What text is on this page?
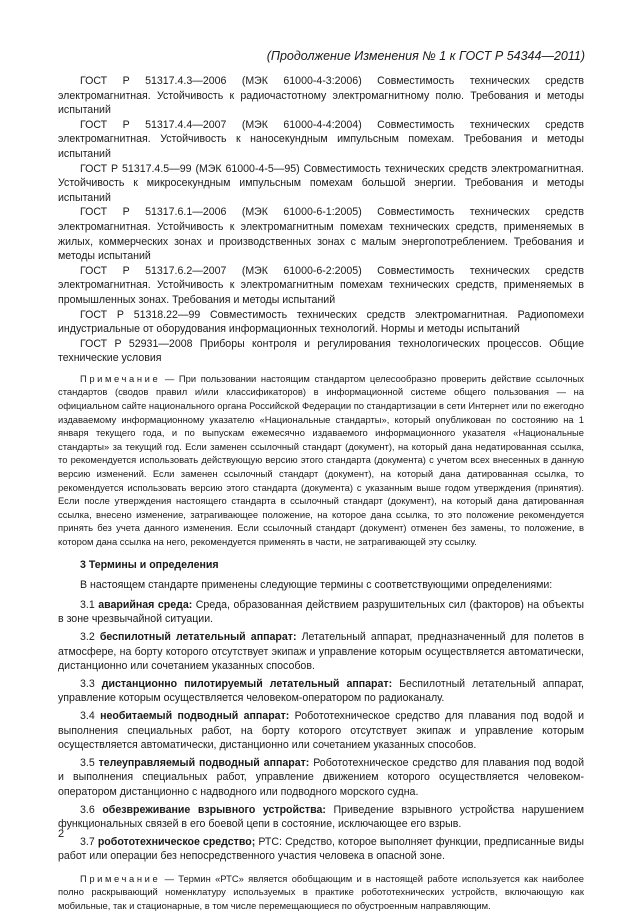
(Продолжение Изменения № 1 к ГОСТ Р 54344—2011)

ГОСТ Р 51317.4.3—2006 (МЭК 61000-4-3:2006) Совместимость технических средств электромагнитная. Устойчивость к радиочастотному электромагнитному полю. Требования и методы испытаний

ГОСТ Р 51317.4.4—2007 (МЭК 61000-4-4:2004) Совместимость технических средств электромагнитная. Устойчивость к наносекундным импульсным помехам. Требования и методы испытаний

ГОСТ Р 51317.4.5—99 (МЭК 61000-4-5—95) Совместимость технических средств электромагнитная. Устойчивость к микросекундным импульсным помехам большой энергии. Требования и методы испытаний

ГОСТ Р 51317.6.1—2006 (МЭК 61000-6-1:2005) Совместимость технических средств электромагнитная. Устойчивость к электромагнитным помехам технических средств, применяемых в жилых, коммерческих зонах и производственных зонах с малым энергопотреблением. Требования и методы испытаний

ГОСТ Р 51317.6.2—2007 (МЭК 61000-6-2:2005) Совместимость технических средств электромагнитная. Устойчивость к электромагнитным помехам технических средств, применяемых в промышленных зонах. Требования и методы испытаний

ГОСТ Р 51318.22—99 Совместимость технических средств электромагнитная. Радиопомехи индустриальные от оборудования информационных технологий. Нормы и методы испытаний

ГОСТ Р 52931—2008 Приборы контроля и регулирования технологических процессов. Общие технические условия

Примечание — При пользовании настоящим стандартом целесообразно проверить действие ссылочных стандартов (сводов правил и/или классификаторов) в информационной системе общего пользования — на официальном сайте национального органа Российской Федерации по стандартизации в сети Интернет или по ежегодно издаваемому информационному указателю «Национальные стандарты», который опубликован по состоянию на 1 января текущего года, и по выпускам ежемесячно издаваемого информационного указателя «Национальные стандарты» за текущий год. Если заменен ссылочный стандарт (документ), на который дана недатированная ссылка, то рекомендуется использовать действующую версию этого стандарта (документа) с учетом всех внесенных в данную версию изменений. Если заменен ссылочный стандарт (документ), на который дана датированная ссылка, то рекомендуется использовать версию этого стандарта (документа) с указанным выше годом утверждения (принятия). Если после утверждения настоящего стандарта в ссылочный стандарт (документ), на который дана датированная ссылка, внесено изменение, затрагивающее положение, на которое дана ссылка, то это положение рекомендуется принять без учета данного изменения. Если ссылочный стандарт (документ) отменен без замены, то положение, в котором дана ссылка на него, рекомендуется применять в части, не затрагивающей эту ссылку.

3 Термины и определения

В настоящем стандарте применены следующие термины с соответствующими определениями:

3.1 аварийная среда: Среда, образованная действием разрушительных сил (факторов) на объекты в зоне чрезвычайной ситуации.

3.2 беспилотный летательный аппарат: Летательный аппарат, предназначенный для полетов в атмосфере, на борту которого отсутствует экипаж и управление которым осуществляется автоматически, дистанционно или сочетанием указанных способов.

3.3 дистанционно пилотируемый летательный аппарат: Беспилотный летательный аппарат, управление которым осуществляется человеком-оператором по радиоканалу.

3.4 необитаемый подводный аппарат: Робототехническое средство для плавания под водой и выполнения специальных работ, на борту которого отсутствует экипаж и управление которым осуществляется автоматически, дистанционно или сочетанием указанных способов.

3.5 телеуправляемый подводный аппарат: Робототехническое средство для плавания под водой и выполнения специальных работ, управление движением которого осуществляется человеком-оператором дистанционно с надводного или подводного морского судна.

3.6 обезвреживание взрывного устройства: Приведение взрывного устройства нарушением функциональных связей в его боевой цепи в состояние, исключающее его взрыв.

3.7 робототехническое средство; РТС: Средство, которое выполняет функции, предписанные виды работ или операции без непосредственного участия человека в опасной зоне.

Примечание — Термин «РТС» является обобщающим и в настоящей работе используется как наиболее полно раскрывающий номенклатуру используемых в практике робототехнических устройств, включающую как мобильные, так и стационарные, в том числе перемещающиеся по обустроенным направляющим.

2
